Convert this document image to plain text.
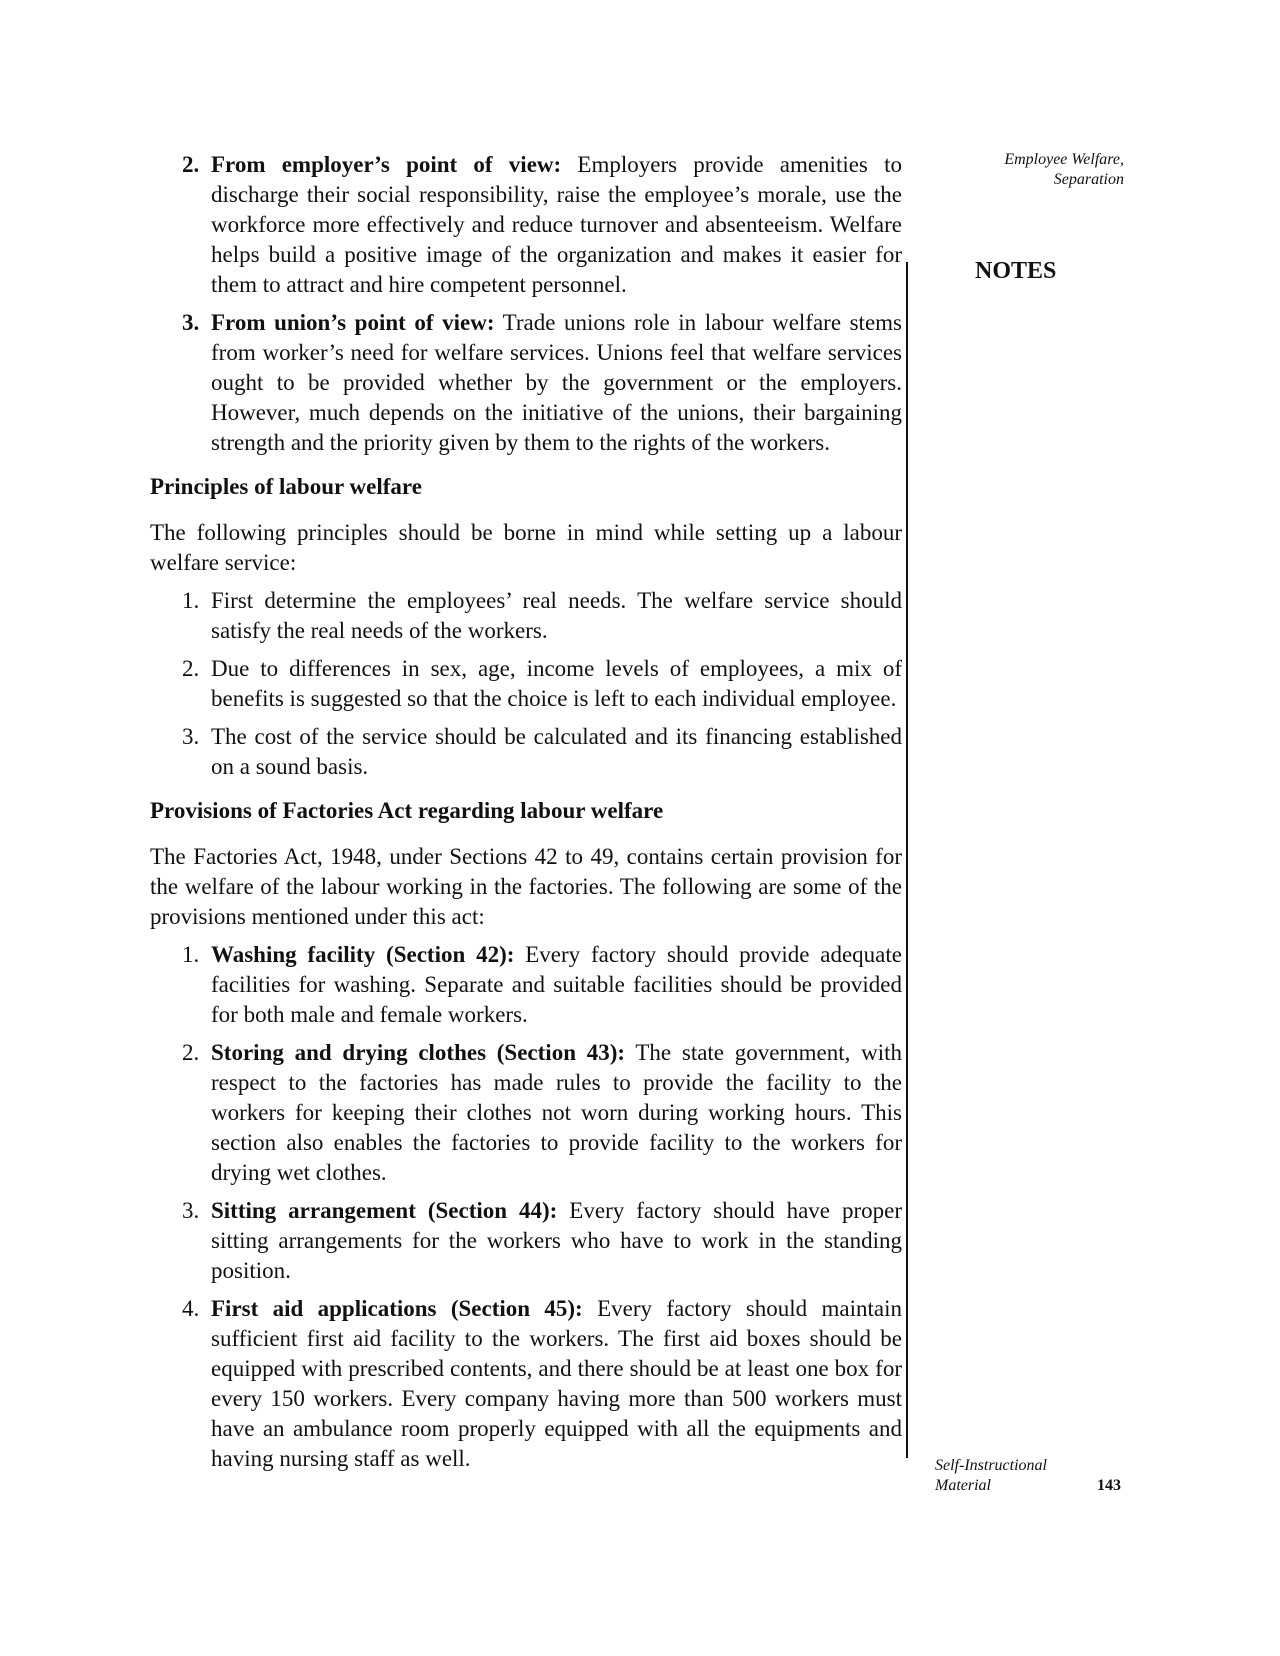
2. From employer’s point of view: Employers provide amenities to discharge their social responsibility, raise the employee’s morale, use the workforce more effectively and reduce turnover and absenteeism. Welfare helps build a positive image of the organization and makes it easier for them to attract and hire competent personnel.
3. From union’s point of view: Trade unions role in labour welfare stems from worker’s need for welfare services. Unions feel that welfare services ought to be provided whether by the government or the employers. However, much depends on the initiative of the unions, their bargaining strength and the priority given by them to the rights of the workers.
Principles of labour welfare

The following principles should be borne in mind while setting up a labour welfare service:

1. First determine the employees’ real needs. The welfare service should satisfy the real needs of the workers.
2. Due to differences in sex, age, income levels of employees, a mix of benefits is suggested so that the choice is left to each individual employee.
3. The cost of the service should be calculated and its financing established on a sound basis.
Provisions of Factories Act regarding labour welfare

The Factories Act, 1948, under Sections 42 to 49, contains certain provision for the welfare of the labour working in the factories. The following are some of the provisions mentioned under this act:

1. Washing facility (Section 42): Every factory should provide adequate facilities for washing. Separate and suitable facilities should be provided for both male and female workers.
2. Storing and drying clothes (Section 43): The state government, with respect to the factories has made rules to provide the facility to the workers for keeping their clothes not worn during working hours. This section also enables the factories to provide facility to the workers for drying wet clothes.
3. Sitting arrangement (Section 44): Every factory should have proper sitting arrangements for the workers who have to work in the standing position.
4. First aid applications (Section 45): Every factory should maintain sufficient first aid facility to the workers. The first aid boxes should be equipped with prescribed contents, and there should be at least one box for every 150 workers. Every company having more than 500 workers must have an ambulance room properly equipped with all the equipments and having nursing staff as well.
Employee Welfare,
Separation
NOTES
Self-Instructional
Material	143
